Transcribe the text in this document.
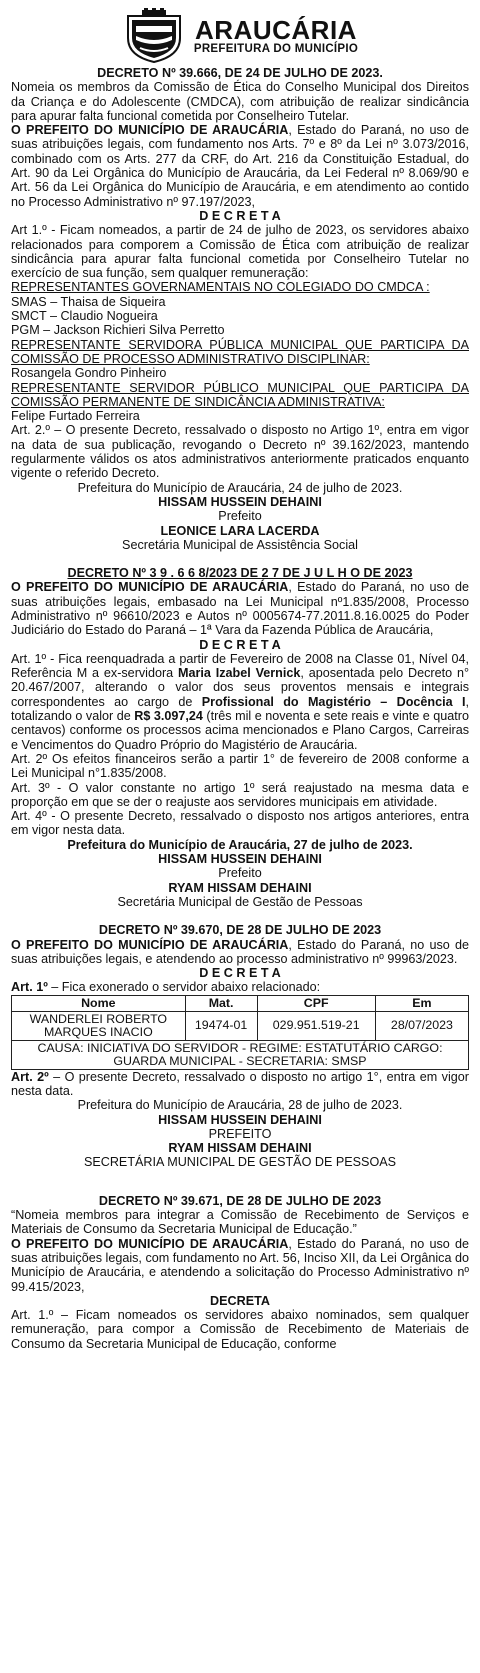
ARAUCÁRIA
PREFEITURA DO MUNICÍPIO

DECRETO Nº 39.666, DE 24 DE JULHO DE 2023.

Nomeia os membros da Comissão de Ética do Conselho Municipal dos Direitos da Criança e do Adolescente (CMDCA), com atribuição de realizar sindicância para apurar falta funcional cometida por Conselheiro Tutelar.

O PREFEITO DO MUNICÍPIO DE ARAUCÁRIA, Estado do Paraná, no uso de suas atribuições legais, com fundamento nos Arts. 7º e 8º da Lei nº 3.073/2016, combinado com os Arts. 277 da CRF, do Art. 216 da Constituição Estadual, do Art. 90 da Lei Orgânica do Município de Araucária, da Lei Federal nº 8.069/90 e Art. 56 da Lei Orgânica do Município de Araucária, e em atendimento ao contido no Processo Administrativo nº 97.197/2023,

D E C R E T A

Art 1.º - Ficam nomeados, a partir de 24 de julho de 2023, os servidores abaixo relacionados para comporem a Comissão de Ética com atribuição de realizar sindicância para apurar falta funcional cometida por Conselheiro Tutelar no exercício de sua função, sem qualquer remuneração:

REPRESENTANTES GOVERNAMENTAIS NO COLEGIADO DO CMDCA :

SMAS – Thaisa de Siqueira

SMCT – Claudio Nogueira

PGM – Jackson Richieri Silva Perretto

REPRESENTANTE SERVIDORA PÚBLICA MUNICIPAL QUE PARTICIPA DA COMISSÃO DE PROCESSO ADMINISTRATIVO DISCIPLINAR:

Rosangela Gondro Pinheiro

REPRESENTANTE SERVIDOR PÚBLICO MUNICIPAL QUE PARTICIPA DA COMISSÃO PERMANENTE DE SINDICÂNCIA ADMINISTRATIVA:

Felipe Furtado Ferreira

Art. 2.º – O presente Decreto, ressalvado o disposto no Artigo 1º, entra em vigor na data de sua publicação, revogando o Decreto nº 39.162/2023, mantendo regularmente válidos os atos administrativos anteriormente praticados enquanto vigente o referido Decreto.

Prefeitura do Município de Araucária, 24 de julho de 2023.

HISSAM HUSSEIN DEHAINI

Prefeito

LEONICE LARA LACERDA

Secretária Municipal de Assistência Social

DECRETO Nº 3 9 . 6 6 8/2023 DE 2 7 DE J U L H O DE 2023

O PREFEITO DO MUNICÍPIO DE ARAUCÁRIA, Estado do Paraná, no uso de suas atribuições legais, embasado na Lei Municipal nº1.835/2008, Processo Administrativo nº 96610/2023 e Autos nº 0005674-77.2011.8.16.0025 do Poder Judiciário do Estado do Paraná – 1ª Vara da Fazenda Pública de Araucária,

D E C R E T A

Art. 1º - Fica reenquadrada a partir de Fevereiro de 2008 na Classe 01, Nível 04, Referência M a ex-servidora Maria Izabel Vernick, aposentada pelo Decreto n° 20.467/2007, alterando o valor dos seus proventos mensais e integrais correspondentes ao cargo de Profissional do Magistério – Docência I, totalizando o valor de R$ 3.097,24 (três mil e noventa e sete reais e vinte e quatro centavos) conforme os processos acima mencionados e Plano Cargos, Carreiras e Vencimentos do Quadro Próprio do Magistério de Araucária.

Art. 2º Os efeitos financeiros serão a partir 1° de fevereiro de 2008 conforme a Lei Municipal n°1.835/2008.

Art. 3º - O valor constante no artigo 1º será reajustado na mesma data e proporção em que se der o reajuste aos servidores municipais em atividade.

Art. 4º - O presente Decreto, ressalvado o disposto nos artigos anteriores, entra em vigor nesta data.

Prefeitura do Município de Araucária, 27 de julho de 2023.

HISSAM HUSSEIN DEHAINI

Prefeito

RYAM HISSAM DEHAINI

Secretária Municipal de Gestão de Pessoas

DECRETO Nº 39.670, DE 28 DE JULHO DE 2023

O PREFEITO DO MUNICÍPIO DE ARAUCÁRIA, Estado do Paraná, no uso de suas atribuições legais, e atendendo ao processo administrativo nº 99963/2023.

D E C R E T A

Art. 1º – Fica exonerado o servidor abaixo relacionado:

Nome	Mat.	CPF	Em
WANDERLEI ROBERTO MARQUES INACIO	19474-01	029.951.519-21	28/07/2023
CAUSA: INICIATIVA DO SERVIDOR - REGIME: ESTATUTÁRIO CARGO: GUARDA MUNICIPAL - SECRETARIA: SMSP			

Art. 2º – O presente Decreto, ressalvado o disposto no artigo 1°, entra em vigor nesta data.

Prefeitura do Município de Araucária, 28 de julho de 2023.

HISSAM HUSSEIN DEHAINI

PREFEITO

RYAM HISSAM DEHAINI

SECRETÁRIA MUNICIPAL DE GESTÃO DE PESSOAS

DECRETO Nº 39.671, DE 28 DE JULHO DE 2023

“Nomeia membros para integrar a Comissão de Recebimento de Serviços e Materiais de Consumo da Secretaria Municipal de Educação.”

O PREFEITO DO MUNICÍPIO DE ARAUCÁRIA, Estado do Paraná, no uso de suas atribuições legais, com fundamento no Art. 56, Inciso XII, da Lei Orgânica do Município de Araucária, e atendendo a solicitação do Processo Administrativo nº 99.415/2023,

DECRETA

Art. 1.º – Ficam nomeados os servidores abaixo nominados, sem qualquer remuneração, para compor a Comissão de Recebimento de Materiais de Consumo da Secretaria Municipal de Educação, conforme
